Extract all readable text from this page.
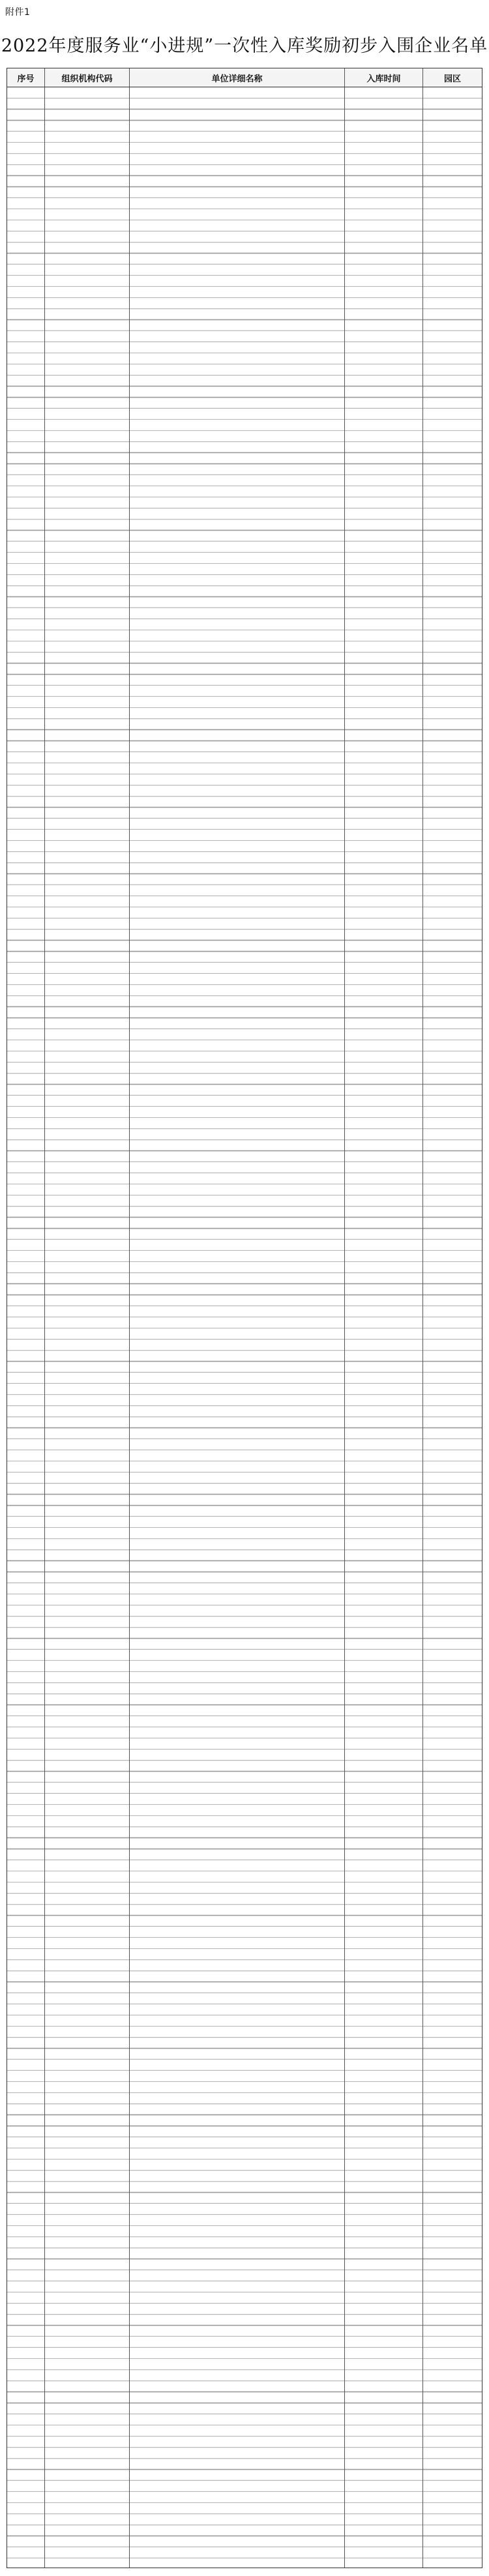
附件1
2022年度服务业“小进规”一次性入库奖励初步入围企业名单
序号	组织机构代码	单位详细名称	入库时间	园区
